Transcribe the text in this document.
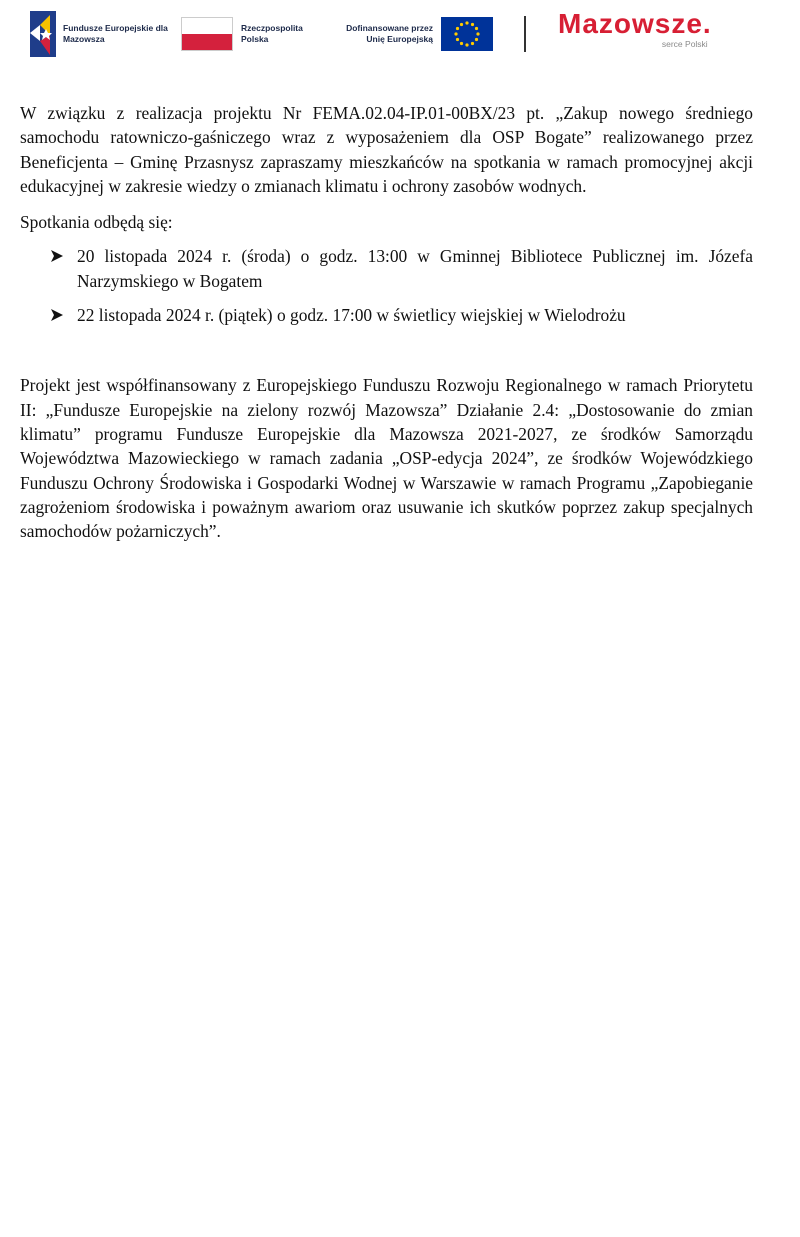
Fundusze Europejskie dla Mazowsza
Rzeczpospolita Polska
Dofinansowane przez Unię Europejską	Mazowsze.
serce Polski

W związku z realizacja projektu Nr FEMA.02.04-IP.01-00BX/23 pt. „Zakup nowego średniego samochodu ratowniczo-gaśniczego wraz z wyposażeniem dla OSP Bogate” realizowanego przez Beneficjenta – Gminę Przasnysz zapraszamy mieszkańców na spotkania w ramach promocyjnej akcji edukacyjnej w zakresie wiedzy o zmianach klimatu i ochrony zasobów wodnych.

Spotkania odbędą się:

20 listopada 2024 r. (środa) o godz. 13:00 w Gminnej Bibliotece Publicznej im. Józefa Narzymskiego w Bogatem
22 listopada 2024 r. (piątek) o godz. 17:00 w świetlicy wiejskiej w Wielodrożu

Projekt jest współfinansowany z Europejskiego Funduszu Rozwoju Regionalnego w ramach Priorytetu II: „Fundusze Europejskie na zielony rozwój Mazowsza” Działanie 2.4: „Dostosowanie do zmian klimatu” programu Fundusze Europejskie dla Mazowsza 2021-2027, ze środków Samorządu Województwa Mazowieckiego w ramach zadania „OSP-edycja 2024”, ze środków Wojewódzkiego Funduszu Ochrony Środowiska i Gospodarki Wodnej w Warszawie w ramach Programu „Zapobieganie zagrożeniom środowiska i poważnym awariom oraz usuwanie ich skutków poprzez zakup specjalnych samochodów pożarniczych”.
